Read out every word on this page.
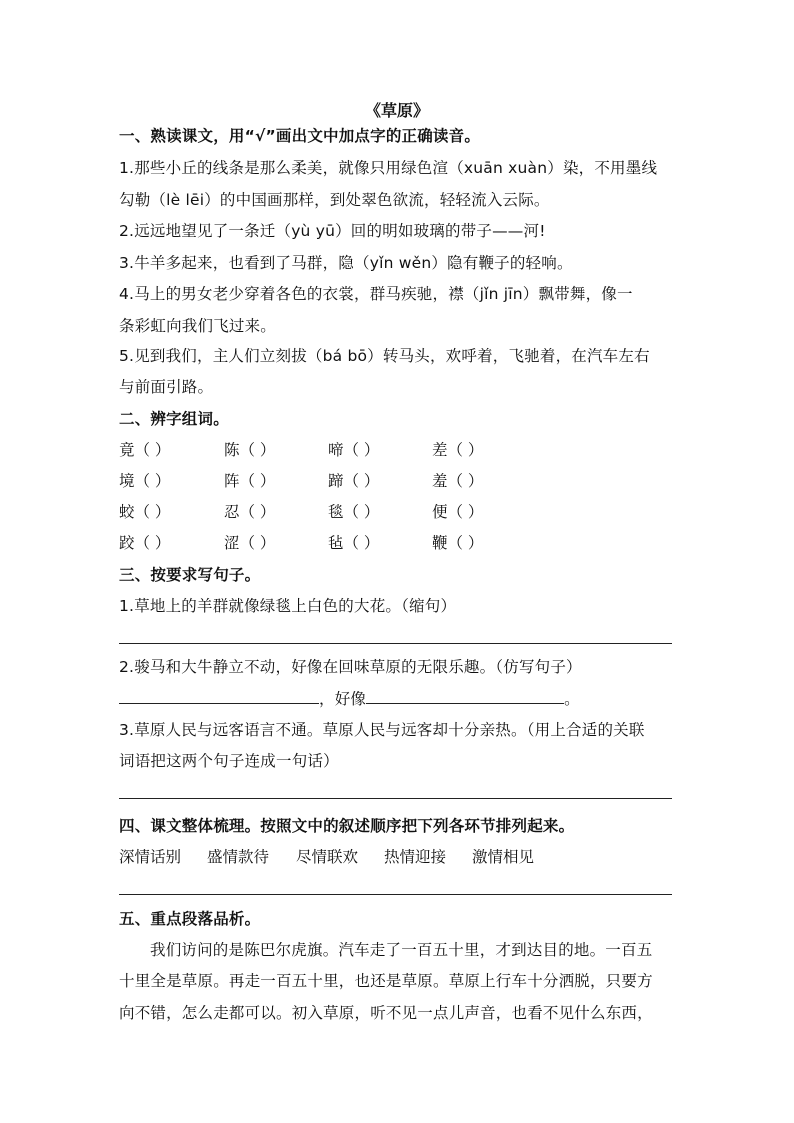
《草原》
一、熟读课文，用“√”画出文中加点字的正确读音。
1.那些小丘的线条是那么柔美，就像只用绿色渲（xuān xuàn）染，不用墨线
勾勒（lè lēi）的中国画那样，到处翠色欲流，轻轻流入云际。
2.远远地望见了一条迁（yù yū）回的明如玻璃的带子——河!
3.牛羊多起来，也看到了马群，隐（yǐn wěn）隐有鞭子的轻响。
4.马上的男女老少穿着各色的衣裳，群马疾驰，襟（jǐn jīn）飘带舞，像一
条彩虹向我们飞过来。
5.见到我们，主人们立刻拔（bá bō）转马头，欢呼着，飞驰着，在汽车左右
与前面引路。
二、辨字组词。
竟（ ）	陈（ ）	啼（ ）	差（ ）
境（ ）	阵（ ）	蹄（ ）	羞（ ）
蛟（ ）	忍（ ）	毯（ ）	便（ ）
跤（ ）	涩（ ）	毡（ ）	鞭（ ）
三、按要求写句子。
1.草地上的羊群就像绿毯上白色的大花。（缩句）
2.骏马和大牛静立不动，好像在回味草原的无限乐趣。（仿写句子）
，好像	。
3.草原人民与远客语言不通。草原人民与远客却十分亲热。（用上合适的关联
词语把这两个句子连成一句话）
四、课文整体梳理。按照文中的叙述顺序把下列各环节排列起来。
深情话别 盛情款待 尽情联欢 热情迎接 激情相见
五、重点段落品析。
我们访问的是陈巴尔虎旗。汽车走了一百五十里，才到达目的地。一百五
十里全是草原。再走一百五十里，也还是草原。草原上行车十分洒脱，只要方
向不错，怎么走都可以。初入草原，听不见一点儿声音，也看不见什么东西，
